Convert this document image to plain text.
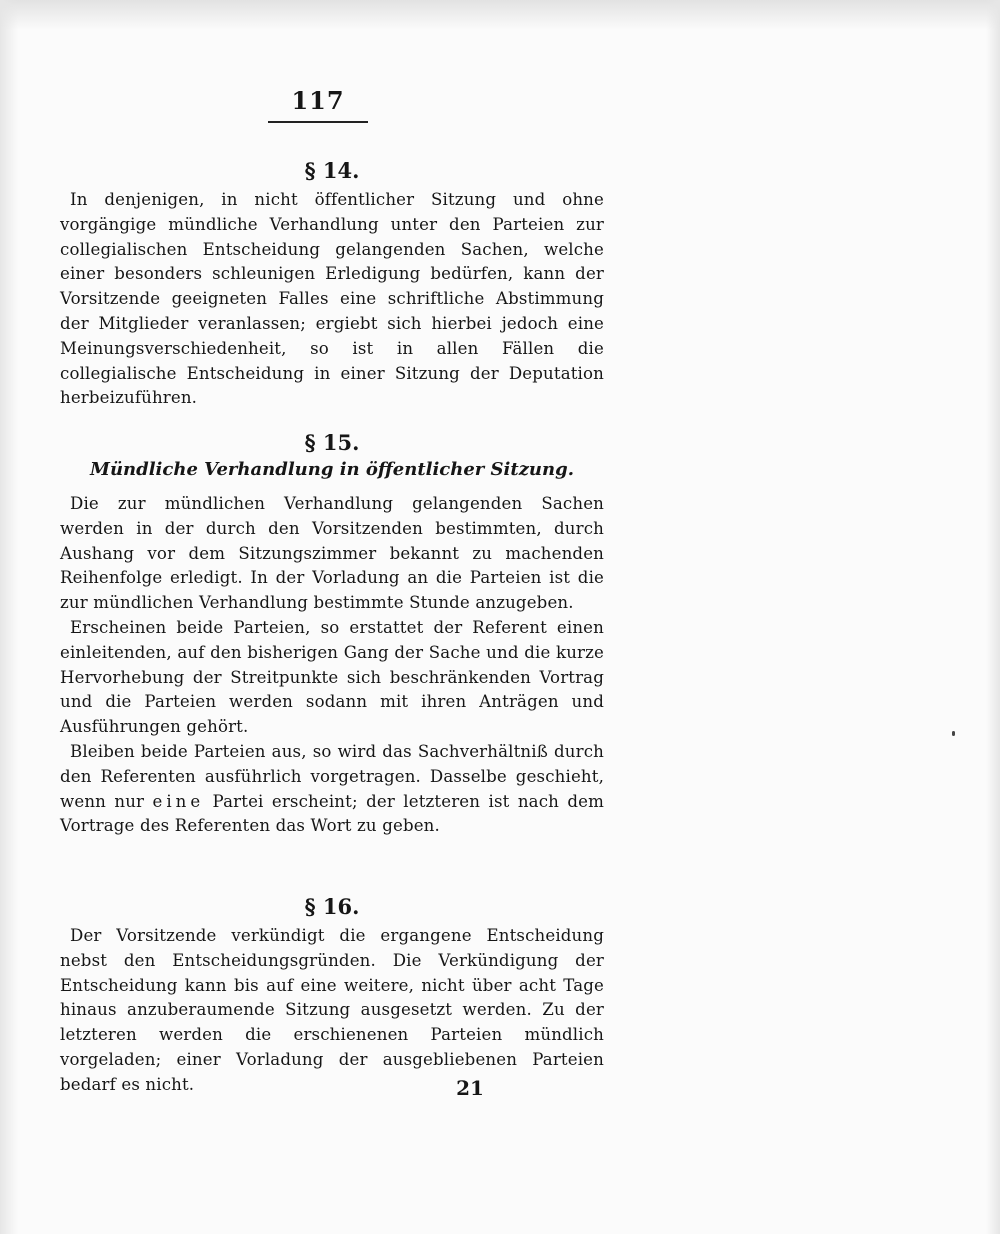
117

§ 14.

In denjenigen, in nicht öffentlicher Sitzung und ohne vorgängige mündliche Verhandlung unter den Parteien zur collegialischen Entscheidung gelangenden Sachen, welche einer besonders schleunigen Erledigung bedürfen, kann der Vorsitzende geeigneten Falles eine schriftliche Abstimmung der Mitglieder veranlassen; ergiebt sich hierbei jedoch eine Meinungsverschiedenheit, so ist in allen Fällen die collegialische Entscheidung in einer Sitzung der Deputation herbeizuführen.

§ 15.

Mündliche Verhandlung in öffentlicher Sitzung.

Die zur mündlichen Verhandlung gelangenden Sachen werden in der durch den Vorsitzenden bestimmten, durch Aushang vor dem Sitzungszimmer bekannt zu machenden Reihenfolge erledigt. In der Vorladung an die Parteien ist die zur mündlichen Verhandlung bestimmte Stunde anzugeben.

Erscheinen beide Parteien, so erstattet der Referent einen einleitenden, auf den bisherigen Gang der Sache und die kurze Hervorhebung der Streitpunkte sich beschränkenden Vortrag und die Parteien werden sodann mit ihren Anträgen und Ausführungen gehört.

Bleiben beide Parteien aus, so wird das Sachverhältniß durch den Referenten ausführlich vorgetragen. Dasselbe geschieht, wenn nur eine Partei erscheint; der letzteren ist nach dem Vortrage des Referenten das Wort zu geben.

§ 16.

Der Vorsitzende verkündigt die ergangene Entscheidung nebst den Entscheidungsgründen. Die Verkündigung der Entscheidung kann bis auf eine weitere, nicht über acht Tage hinaus anzuberaumende Sitzung ausgesetzt werden. Zu der letzteren werden die erschienenen Parteien mündlich vorgeladen; einer Vorladung der ausgebliebenen Parteien bedarf es nicht.	21
